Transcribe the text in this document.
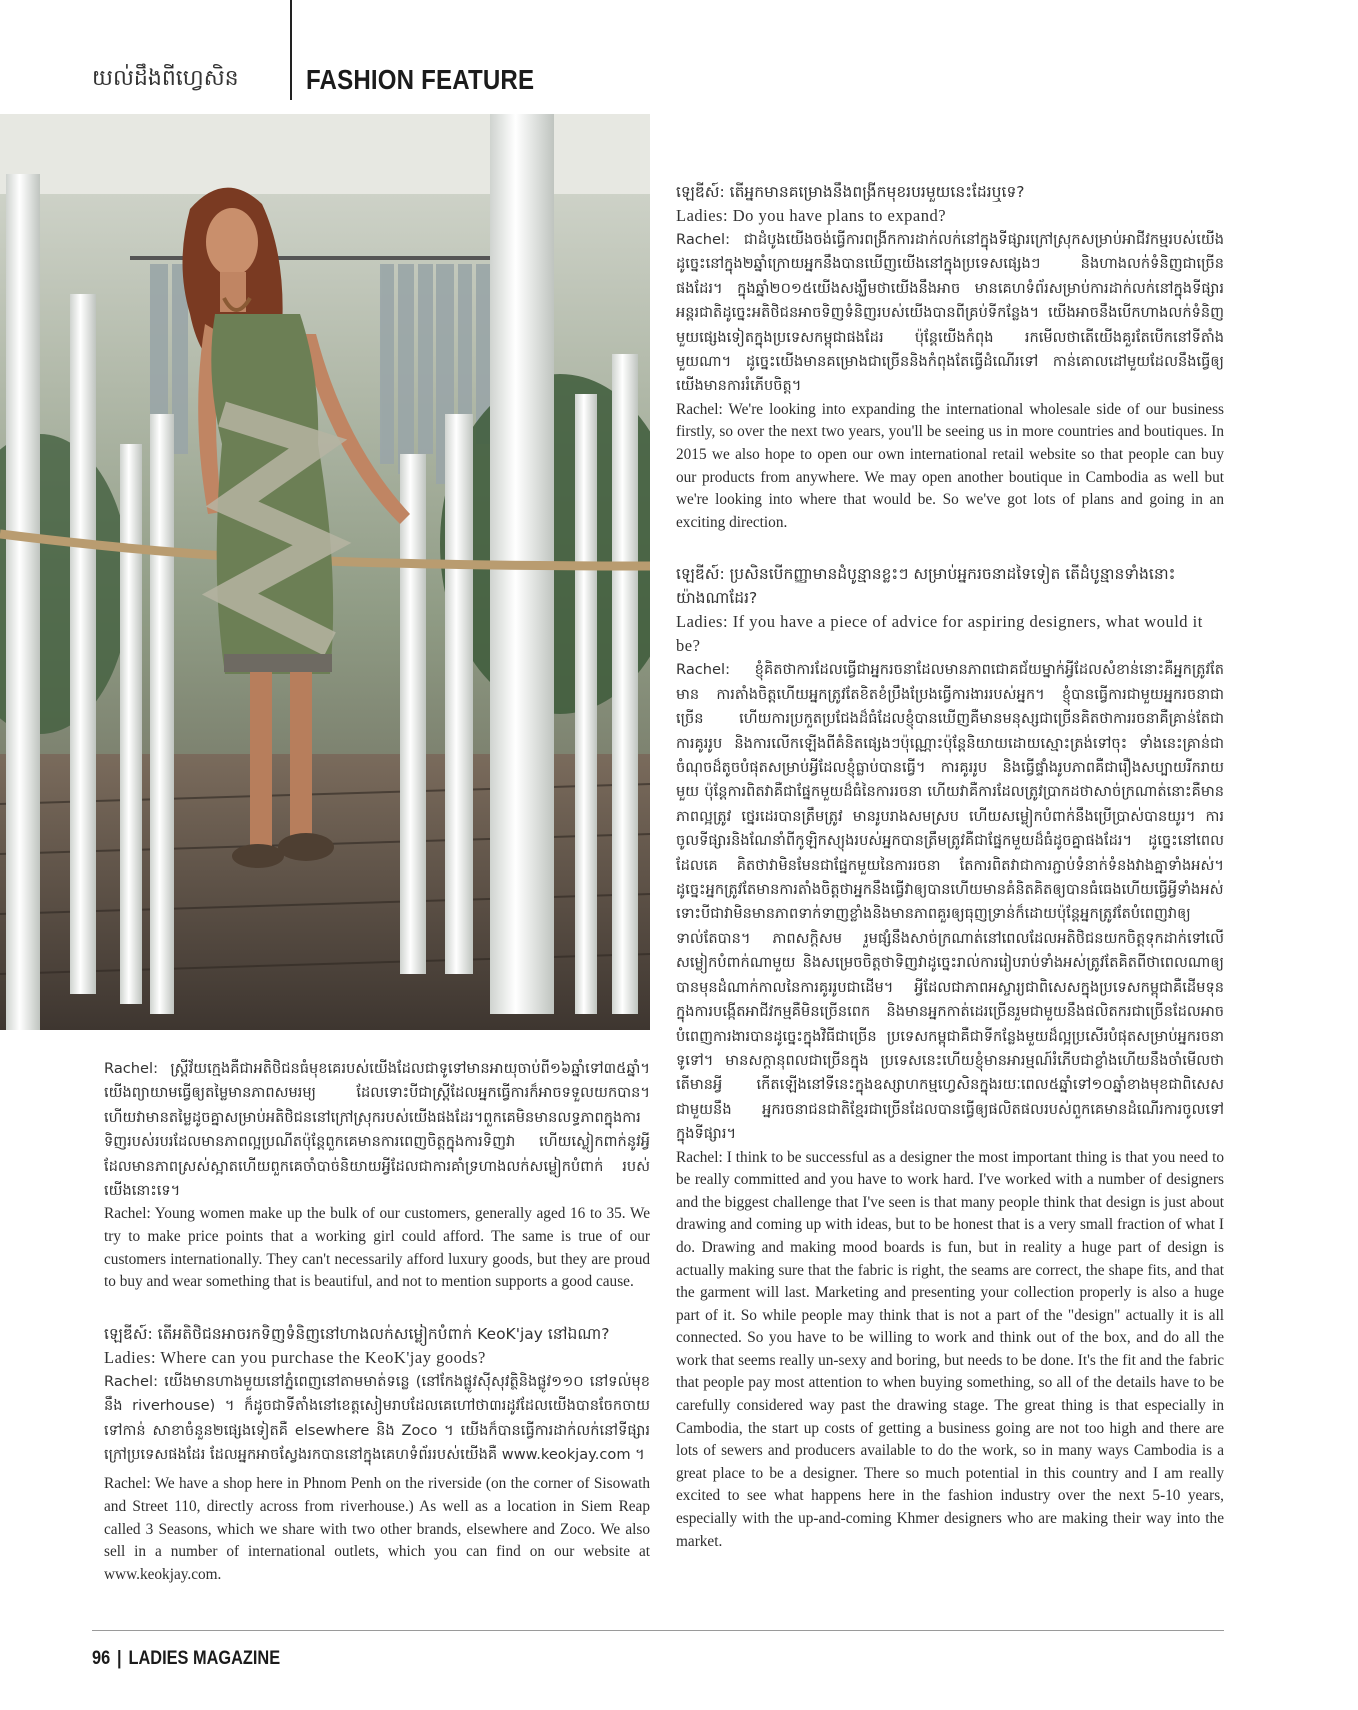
យល់ដឹងពីហ្វេសិន FASHION FEATURE

Rachel: ស្ត្រីវ័យក្មេងគឺជាអតិថិជនធំមុខគេរបស់យើងដែលជាទូទៅមានអាយុចាប់ពី១៦ឆ្នាំទៅ៣៥ឆ្នាំ។ យើងព្យាយាមធ្វើឲ្យតម្លៃមានភាពសមរម្យ ដែលទោះបីជាស្ត្រីដែលអ្នកធ្វើការក៏អាចទទួលយកបាន។ ហើយវាមានតម្លៃដូចគ្នាសម្រាប់អតិថិជននៅក្រៅស្រុករបស់យើងផងដែរ។ពួកគេមិនមានលទ្ធភាពក្នុងការ ទិញរបស់របរដែលមានភាពល្អប្រណីតប៉ុន្តែពួកគេមានការពេញចិត្តក្នុងការទិញវា ហើយស្លៀកពាក់នូវអ្វីដែលមានភាពស្រស់ស្អាតហើយពួកគេចាំបាច់និយាយអ្វីដែលជាការគាំទ្រហាងលក់សម្លៀកបំពាក់ របស់យើងនោះទេ។

Rachel: Young women make up the bulk of our customers, generally aged 16 to 35. We try to make price points that a working girl could afford. The same is true of our customers internationally. They can't necessarily afford luxury goods, but they are proud to buy and wear something that is beautiful, and not to mention supports a good cause.

ឡេឌីស៍: តើអតិថិជនអាចរកទិញទំនិញនៅហាងលក់សម្លៀកបំពាក់ KeoK'jay នៅឯណា?

Ladies: Where can you purchase the KeoK'jay goods?

Rachel: យើងមានហាងមួយនៅភ្នំពេញនៅតាមមាត់ទន្លេ (នៅកែងផ្លូវស៊ីសុវត្ថិនិងផ្លូវ១១០ នៅទល់មុខនឹង riverhouse) ។ ក៏ដូចជាទីតាំងនៅខេត្តសៀមរាបដែលគេហៅថា៣រដូវដែលយើងបានចែកចាយទៅកាន់ សាខាចំនួន២ផ្សេងទៀតគឺ elsewhere និង Zoco ។ យើងក៏បានធ្វើការដាក់លក់នៅទីផ្សារក្រៅប្រទេសផងដែរ ដែលអ្នកអាចស្វែងរកបាននៅក្នុងគេហទំព័ររបស់យើងគឺ www.keokjay.com ។

Rachel: We have a shop here in Phnom Penh on the riverside (on the corner of Sisowath and Street 110, directly across from riverhouse.) As well as a location in Siem Reap called 3 Seasons, which we share with two other brands, elsewhere and Zoco. We also sell in a number of international outlets, which you can find on our website at www.keokjay.com.

ឡេឌីស៍: តើអ្នកមានគម្រោងនឹងពង្រីកមុខរបរមួយនេះដែរឬទេ?

Ladies: Do you have plans to expand?

Rachel: ជាដំបូងយើងចង់ធ្វើការពង្រីកការដាក់លក់នៅក្នុងទីផ្សារក្រៅស្រុកសម្រាប់អាជីវកម្មរបស់យើង ដូច្នេះនៅក្នុង២ឆ្នាំក្រោយអ្នកនឹងបានឃើញយើងនៅក្នុងប្រទេសផ្សេងៗ និងហាងលក់ទំនិញជាច្រើនផងដែរ។ ក្នុងឆ្នាំ២០១៥យើងសង្ឃឹមថាយើងនឹងអាច មានគេហទំព័រសម្រាប់ការដាក់លក់នៅក្នុងទីផ្សារអន្តរជាតិដូច្នេះអតិថិជនអាចទិញទំនិញរបស់យើងបានពីគ្រប់ទីកន្លែង។ យើងអាចនឹងបើកហាងលក់ទំនិញមួយផ្សេងទៀតក្នុងប្រទេសកម្ពុជាផងដែរ ប៉ុន្តែយើងកំពុង រកមើលថាតើយើងគួរតែបើកនៅទីតាំងមួយណា។ ដូច្នេះយើងមានគម្រោងជាច្រើននិងកំពុងតែធ្វើដំណើរទៅ កាន់គោលដៅមួយដែលនឹងធ្វើឲ្យយើងមានការរំភើបចិត្ត។

Rachel: We're looking into expanding the international wholesale side of our business firstly, so over the next two years, you'll be seeing us in more countries and boutiques. In 2015 we also hope to open our own international retail website so that people can buy our products from anywhere. We may open another boutique in Cambodia as well but we're looking into where that would be. So we've got lots of plans and going in an exciting direction.

ឡេឌីស៍: ប្រសិនបើកញ្ញាមានដំបូន្មានខ្លះៗ សម្រាប់អ្នករចនាដទៃទៀត តើដំបូន្មានទាំងនោះយ៉ាងណាដែរ?

Ladies: If you have a piece of advice for aspiring designers, what would it be?

Rachel: ខ្ញុំគិតថាការដែលធ្វើជាអ្នករចនាដែលមានភាពជោគជ័យម្នាក់អ្វីដែលសំខាន់នោះគឺអ្នកត្រូវតែមាន ការតាំងចិត្តហើយអ្នកត្រូវតែខិតខំប្រឹងប្រែងធ្វើការងាររបស់អ្នក។ ខ្ញុំបានធ្វើការជាមួយអ្នករចនាជាច្រើន ហើយការប្រកួតប្រជែងដ៏ធំដែលខ្ញុំបានឃើញគឺមានមនុស្សជាច្រើនគិតថាការរចនាគឺគ្រាន់តែជាការគូររូប និងការលើកឡើងពីគំនិតផ្សេងៗប៉ុណ្ណោះប៉ុន្តែនិយាយដោយស្មោះត្រង់ទៅចុះ ទាំងនេះគ្រាន់ជាចំណុចដ៏តូចបំផុតសម្រាប់អ្វីដែលខ្ញុំធ្លាប់បានធ្វើ។ ការគូររូប និងធ្វើផ្ទាំងរូបភាពគឺជារឿងសប្បាយរីករាយមួយ ប៉ុន្តែការពិតវាគឺជាផ្នែកមួយដ៏ធំនៃការរចនា ហើយវាគឺការដែលត្រូវប្រាកដថាសាច់ក្រណាត់នោះគឺមានភាពល្អត្រូវ ថ្នេរដេរបានត្រឹមត្រូវ មានរូបរាងសមស្រប ហើយសម្លៀកបំពាក់នឹងប្រើប្រាស់បានយូរ។ ការចូលទីផ្សារនិងណែនាំពីកូឡិកស្យុងរបស់អ្នកបានត្រឹមត្រូវគឺជាផ្នែកមួយដ៏ធំដូចគ្នាផងដែរ។ ដូច្នេះនៅពេលដែលគេ គិតថាវាមិនមែនជាផ្នែកមួយនៃការរចនា តែការពិតវាជាការភ្ជាប់ទំនាក់ទំនងវាងគ្នាទាំងអស់។ ដូច្នេះអ្នកត្រូវតែមានការតាំងចិត្តថាអ្នកនឹងធ្វើវាឲ្យបានហើយមានគំនិតគិតឲ្យបានធំធេងហើយធ្វើអ្វីទាំងអស់ទោះបីជាវាមិនមានភាពទាក់ទាញខ្លាំងនិងមានភាពគួរឲ្យធុញទ្រាន់ក៏ដោយប៉ុន្តែអ្នកត្រូវតែបំពេញវាឲ្យទាល់តែបាន។ ភាពសក្តិសម រួមផ្សំនឹងសាច់ក្រណាត់នៅពេលដែលអតិថិជនយកចិត្តទុកដាក់ទៅលើសម្លៀកបំពាក់ណាមួយ និងសម្រេចចិត្តថាទិញវាដូច្នេះរាល់ការរៀបរាប់ទាំងអស់ត្រូវតែគិតពីថាពេលណាឲ្យបានមុនដំណាក់កាលនៃការគូររូបជាដើម។ អ្វីដែលជាភាពអស្ចារ្យជាពិសេសក្នុងប្រទេសកម្ពុជាគឺដើមទុនក្នុងការបង្កើតអាជីវកម្មគឺមិនច្រើនពេក និងមានអ្នកកាត់ដេរច្រើនរួមជាមួយនឹងផលិតករជាច្រើនដែលអាចបំពេញការងារបានដូច្នេះក្នុងវិធីជាច្រើន ប្រទេសកម្ពុជាគឺជាទីកន្លែងមួយដ៏ល្អប្រសើរបំផុតសម្រាប់អ្នករចនាទូទៅ។ មានសក្តានុពលជាច្រើនក្នុង ប្រទេសនេះហើយខ្ញុំមានអារម្មណ៍រំភើបជាខ្លាំងហើយនឹងចាំមើលថាតើមានអ្វី កើតឡើងនៅទីនេះក្នុងឧស្សាហកម្មហ្វេសិនក្នុងរយៈពេល៥ឆ្នាំទៅ១០ឆ្នាំខាងមុខជាពិសេសជាមួយនឹង អ្នករចនាជនជាតិខ្មែរជាច្រើនដែលបានធ្វើឲ្យផលិតផលរបស់ពួកគេមានដំណើរការចូលទៅក្នុងទីផ្សារ។

Rachel: I think to be successful as a designer the most important thing is that you need to be really committed and you have to work hard. I've worked with a number of designers and the biggest challenge that I've seen is that many people think that design is just about drawing and coming up with ideas, but to be honest that is a very small fraction of what I do. Drawing and making mood boards is fun, but in reality a huge part of design is actually making sure that the fabric is right, the seams are correct, the shape fits, and that the garment will last. Marketing and presenting your collection properly is also a huge part of it. So while people may think that is not a part of the "design" actually it is all connected. So you have to be willing to work and think out of the box, and do all the work that seems really un-sexy and boring, but needs to be done. It's the fit and the fabric that people pay most attention to when buying something, so all of the details have to be carefully considered way past the drawing stage. The great thing is that especially in Cambodia, the start up costs of getting a business going are not too high and there are lots of sewers and producers available to do the work, so in many ways Cambodia is a great place to be a designer. There so much potential in this country and I am really excited to see what happens here in the fashion industry over the next 5-10 years, especially with the up-and-coming Khmer designers who are making their way into the market.

96 | LADIES MAGAZINE
